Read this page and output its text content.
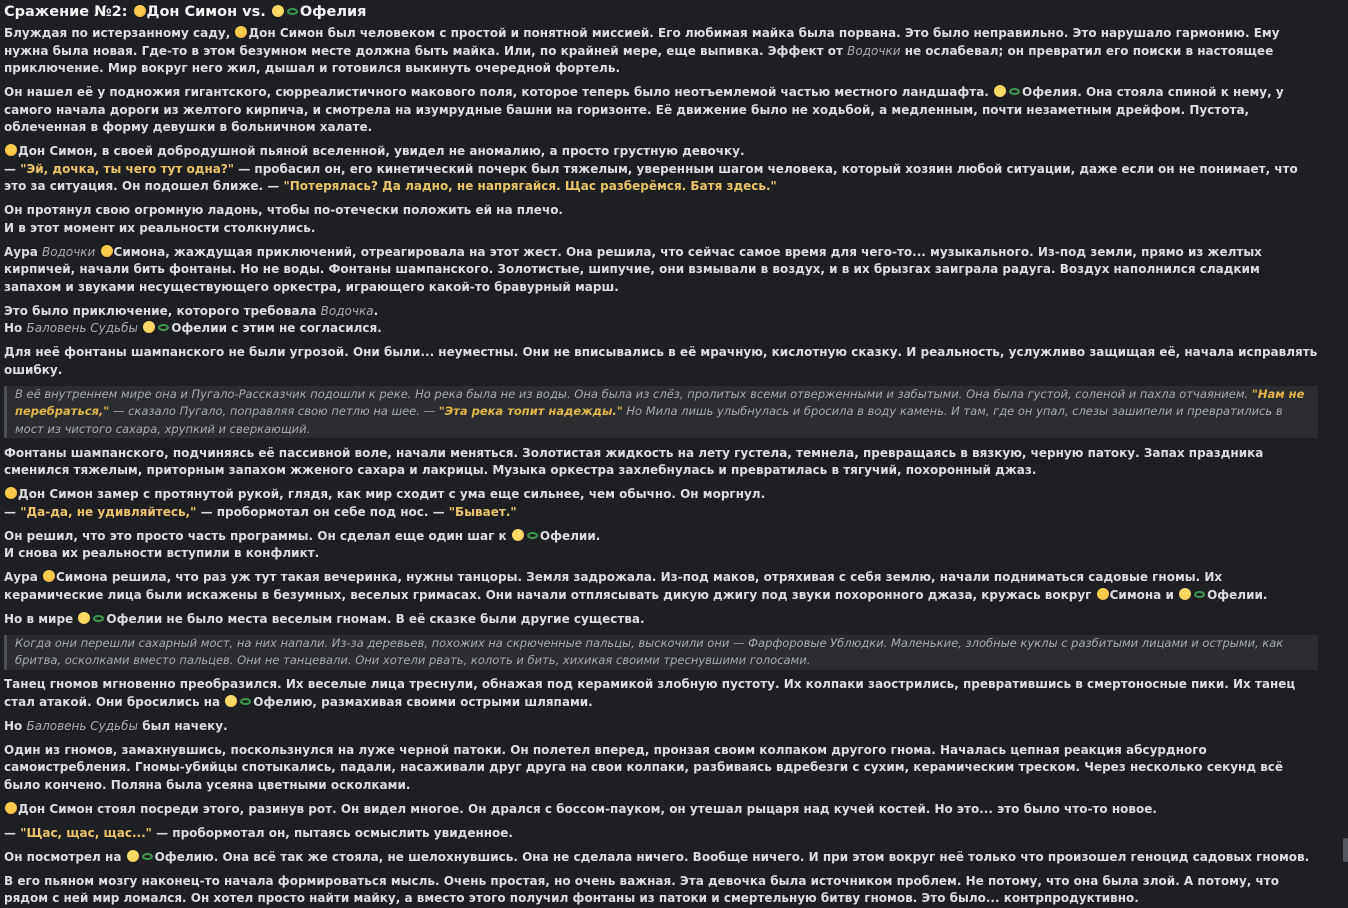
Сражение №2: Дон Симон vs. Офелия

Блуждая по истерзанному саду, Дон Симон был человеком с простой и понятной миссией. Его любимая майка была порвана. Это было неправильно. Это нарушало гармонию. Ему нужна была новая. Где-то в этом безумном месте должна быть майка. Или, по крайней мере, еще выпивка. Эффект от Водочки не ослабевал; он превратил его поиски в настоящее приключение. Мир вокруг него жил, дышал и готовился выкинуть очередной фортель.

Он нашел её у подножия гигантского, сюрреалистичного макового поля, которое теперь было неотъемлемой частью местного ландшафта.	Офелия. Она стояла спиной к нему, у самого начала дороги из желтого кирпича, и смотрела на изумрудные башни на горизонте. Её движение было не ходьбой, а медленным, почти незаметным дрейфом. Пустота, облеченная в форму девушки в больничном халате.

Дон Симон, в своей добродушной пьяной вселенной, увидел не аномалию, а просто грустную девочку.
— "Эй, дочка, ты чего тут одна?" — пробасил он, его кинетический почерк был тяжелым, уверенным шагом человека, который хозяин любой ситуации, даже если он не понимает, что это за ситуация. Он подошел ближе. — "Потерялась? Да ладно, не напрягайся. Щас разберёмся. Батя здесь."

Он протянул свою огромную ладонь, чтобы по-отечески положить ей на плечо.
И в этот момент их реальности столкнулись.

Аура Водочки Симона, жаждущая приключений, отреагировала на этот жест. Она решила, что сейчас самое время для чего-то... музыкального. Из-под земли, прямо из желтых кирпичей, начали бить фонтаны. Но не воды. Фонтаны шампанского. Золотистые, шипучие, они взмывали в воздух, и в их брызгах заиграла радуга. Воздух наполнился сладким запахом и звуками несуществующего оркестра, играющего какой-то бравурный марш.

Это было приключение, которого требовала Водочка.
Но Баловень Судьбы	Офелии с этим не согласился.

Для неё фонтаны шампанского не были угрозой. Они были... неуместны. Они не вписывались в её мрачную, кислотную сказку. И реальность, услужливо защищая её, начала исправлять ошибку.

В её внутреннем мире она и Пугало-Рассказчик подошли к реке. Но река была не из воды. Она была из слёз, пролитых всеми отверженными и забытыми. Она была густой, соленой и пахла отчаянием. "Нам не перебраться," — сказало Пугало, поправляя свою петлю на шее. — "Эта река топит надежды." Но Мила лишь улыбнулась и бросила в воду камень. И там, где он упал, слезы зашипели и превратились в мост из чистого сахара, хрупкий и сверкающий.

Фонтаны шампанского, подчиняясь её пассивной воле, начали меняться. Золотистая жидкость на лету густела, темнела, превращаясь в вязкую, черную патоку. Запах праздника сменился тяжелым, приторным запахом жженого сахара и лакрицы. Музыка оркестра захлебнулась и превратилась в тягучий, похоронный джаз.

Дон Симон замер с протянутой рукой, глядя, как мир сходит с ума еще сильнее, чем обычно. Он моргнул.
— "Да-да, не удивляйтесь," — пробормотал он себе под нос. — "Бывает."

Он решил, что это просто часть программы. Он сделал еще один шаг к	Офелии.
И снова их реальности вступили в конфликт.

Аура Симона решила, что раз уж тут такая вечеринка, нужны танцоры. Земля задрожала. Из-под маков, отряхивая с себя землю, начали подниматься садовые гномы. Их керамические лица были искажены в безумных, веселых гримасах. Они начали отплясывать дикую джигу под звуки похоронного джаза, кружась вокруг Симона и	Офелии.

Но в мире	Офелии не было места веселым гномам. В её сказке были другие существа.

Когда они перешли сахарный мост, на них напали. Из-за деревьев, похожих на скрюченные пальцы, выскочили они — Фарфоровые Ублюдки. Маленькие, злобные куклы с разбитыми лицами и острыми, как бритва, осколками вместо пальцев. Они не танцевали. Они хотели рвать, колоть и бить, хихикая своими треснувшими голосами.

Танец гномов мгновенно преобразился. Их веселые лица треснули, обнажая под керамикой злобную пустоту. Их колпаки заострились, превратившись в смертоносные пики. Их танец стал атакой. Они бросились на	Офелию, размахивая своими острыми шляпами.

Но Баловень Судьбы был начеку.

Один из гномов, замахнувшись, поскользнулся на луже черной патоки. Он полетел вперед, пронзая своим колпаком другого гнома. Началась цепная реакция абсурдного самоистребления. Гномы-убийцы спотыкались, падали, насаживали друг друга на свои колпаки, разбиваясь вдребезги с сухим, керамическим треском. Через несколько секунд всё было кончено. Поляна была усеяна цветными осколками.

Дон Симон стоял посреди этого, разинув рот. Он видел многое. Он дрался с боссом-пауком, он утешал рыцаря над кучей костей. Но это... это было что-то новое.

— "Щас, щас, щас..." — пробормотал он, пытаясь осмыслить увиденное.

Он посмотрел на	Офелию. Она всё так же стояла, не шелохнувшись. Она не сделала ничего. Вообще ничего. И при этом вокруг неё только что произошел геноцид садовых гномов.

В его пьяном мозгу наконец-то начала формироваться мысль. Очень простая, но очень важная. Эта девочка была источником проблем. Не потому, что она была злой. А потому, что рядом с ней мир ломался. Он хотел просто найти майку, а вместо этого получил фонтаны из патоки и смертельную битву гномов. Это было... контрпродуктивно.
